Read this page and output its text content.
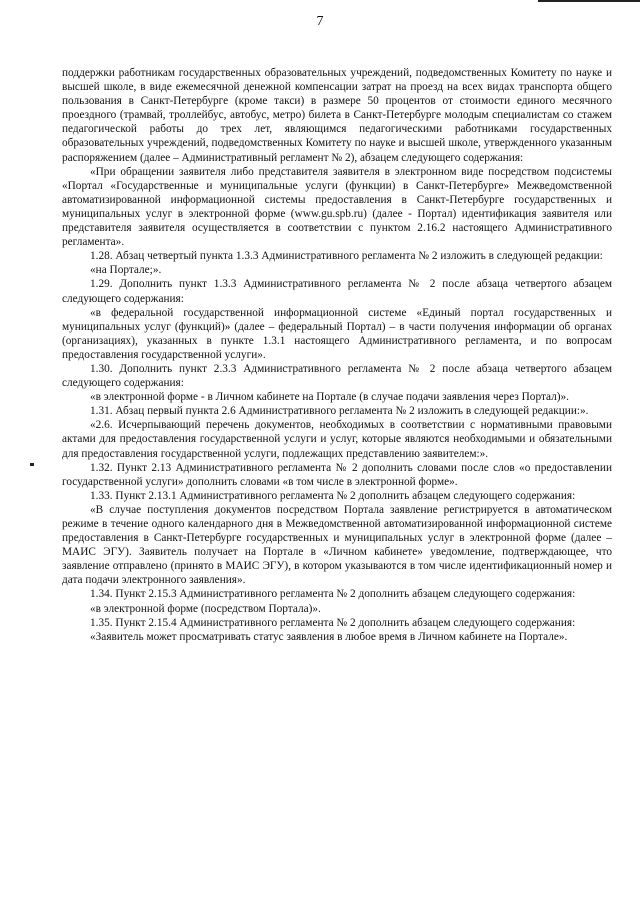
7

поддержки работникам государственных образовательных учреждений, подведомственных Комитету по науке и высшей школе, в виде ежемесячной денежной компенсации затрат на проезд на всех видах транспорта общего пользования в Санкт-Петербурге (кроме такси) в размере 50 процентов от стоимости единого месячного проездного (трамвай, троллейбус, автобус, метро) билета в Санкт-Петербурге молодым специалистам со стажем педагогической работы до трех лет, являющимся педагогическими работниками государственных образовательных учреждений, подведомственных Комитету по науке и высшей школе, утвержденного указанным распоряжением (далее – Административный регламент № 2), абзацем следующего содержания:

«При обращении заявителя либо представителя заявителя в электронном виде посредством подсистемы «Портал «Государственные и муниципальные услуги (функции) в Санкт-Петербурге» Межведомственной автоматизированной информационной системы предоставления в Санкт-Петербурге государственных и муниципальных услуг в электронной форме (www.gu.spb.ru) (далее - Портал) идентификация заявителя или представителя заявителя осуществляется в соответствии с пунктом 2.16.2 настоящего Административного регламента».

1.28. Абзац четвертый пункта 1.3.3 Административного регламента № 2 изложить в следующей редакции:

«на Портале;».

1.29. Дополнить пункт 1.3.3 Административного регламента № 2 после абзаца четвертого абзацем следующего содержания:

«в федеральной государственной информационной системе «Единый портал государственных и муниципальных услуг (функций)» (далее – федеральный Портал) – в части получения информации об органах (организациях), указанных в пункте 1.3.1 настоящего Административного регламента, и по вопросам предоставления государственной услуги».

1.30. Дополнить пункт 2.3.3 Административного регламента № 2 после абзаца четвертого абзацем следующего содержания:

«в электронной форме - в Личном кабинете на Портале (в случае подачи заявления через Портал)».

1.31. Абзац первый пункта 2.6 Административного регламента № 2 изложить в следующей редакции:».

«2.6. Исчерпывающий перечень документов, необходимых в соответствии с нормативными правовыми актами для предоставления государственной услуги и услуг, которые являются необходимыми и обязательными для предоставления государственной услуги, подлежащих представлению заявителем:».

1.32. Пункт 2.13 Административного регламента № 2 дополнить словами после слов «о предоставлении государственной услуги» дополнить словами «в том числе в электронной форме».

1.33. Пункт 2.13.1 Административного регламента № 2 дополнить абзацем следующего содержания:

«В случае поступления документов посредством Портала заявление регистрируется в автоматическом режиме в течение одного календарного дня в Межведомственной автоматизированной информационной системе предоставления в Санкт-Петербурге государственных и муниципальных услуг в электронной форме (далее – МАИС ЭГУ). Заявитель получает на Портале в «Личном кабинете» уведомление, подтверждающее, что заявление отправлено (принято в МАИС ЭГУ), в котором указываются в том числе идентификационный номер и дата подачи электронного заявления».

1.34. Пункт 2.15.3 Административного регламента № 2 дополнить абзацем следующего содержания:

«в электронной форме (посредством Портала)».

1.35. Пункт 2.15.4 Административного регламента № 2 дополнить абзацем следующего содержания:

«Заявитель может просматривать статус заявления в любое время в Личном кабинете на Портале».
